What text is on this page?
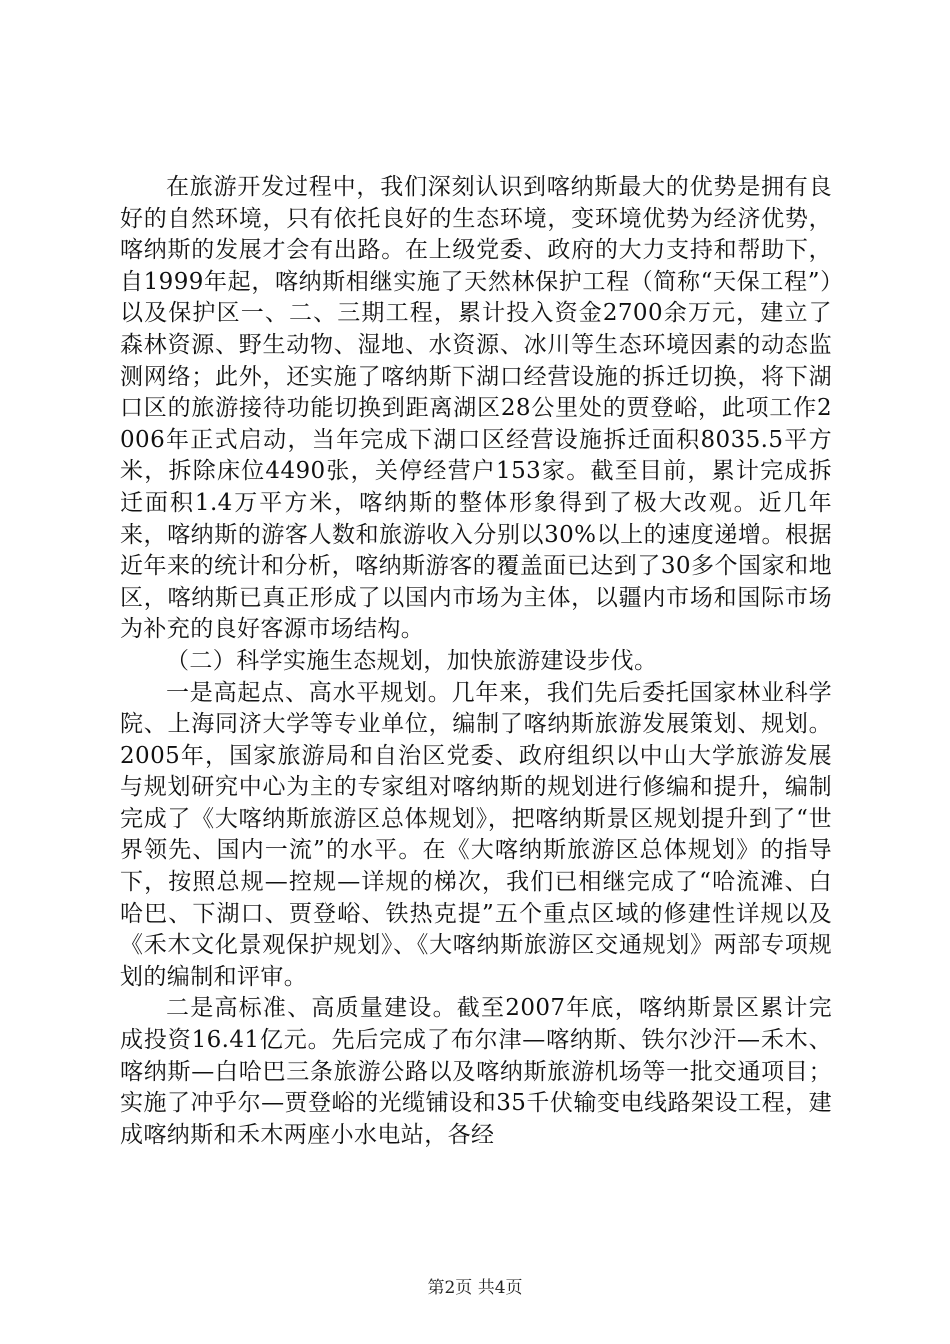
在旅游开发过程中，我们深刻认识到喀纳斯最大的优势是拥有良好的自然环境，只有依托良好的生态环境，变环境优势为经济优势，喀纳斯的发展才会有出路。在上级党委、政府的大力支持和帮助下，自1999年起，喀纳斯相继实施了天然林保护工程（简称“天保工程”）以及保护区一、二、三期工程，累计投入资金2700余万元，建立了森林资源、野生动物、湿地、水资源、冰川等生态环境因素的动态监测网络；此外，还实施了喀纳斯下湖口经营设施的拆迁切换，将下湖口区的旅游接待功能切换到距离湖区28公里处的贾登峪，此项工作2006年正式启动，当年完成下湖口区经营设施拆迁面积8035.5平方米，拆除床位4490张，关停经营户153家。截至目前，累计完成拆迁面积1.4万平方米，喀纳斯的整体形象得到了极大改观。近几年来，喀纳斯的游客人数和旅游收入分别以30%以上的速度递增。根据近年来的统计和分析，喀纳斯游客的覆盖面已达到了30多个国家和地区，喀纳斯已真正形成了以国内市场为主体，以疆内市场和国际市场为补充的良好客源市场结构。

（二）科学实施生态规划，加快旅游建设步伐。

一是高起点、高水平规划。几年来，我们先后委托国家林业科学院、上海同济大学等专业单位，编制了喀纳斯旅游发展策划、规划。2005年，国家旅游局和自治区党委、政府组织以中山大学旅游发展与规划研究中心为主的专家组对喀纳斯的规划进行修编和提升，编制完成了《大喀纳斯旅游区总体规划》，把喀纳斯景区规划提升到了“世界领先、国内一流”的水平。在《大喀纳斯旅游区总体规划》的指导下，按照总规—控规—详规的梯次，我们已相继完成了“哈流滩、白哈巴、下湖口、贾登峪、铁热克提”五个重点区域的修建性详规以及《禾木文化景观保护规划》、《大喀纳斯旅游区交通规划》两部专项规划的编制和评审。

二是高标准、高质量建设。截至2007年底，喀纳斯景区累计完成投资16.41亿元。先后完成了布尔津—喀纳斯、铁尔沙汗—禾木、喀纳斯—白哈巴三条旅游公路以及喀纳斯旅游机场等一批交通项目；实施了冲乎尔—贾登峪的光缆铺设和35千伏输变电线路架设工程，建成喀纳斯和禾木两座小水电站，各经

第2页 共4页
